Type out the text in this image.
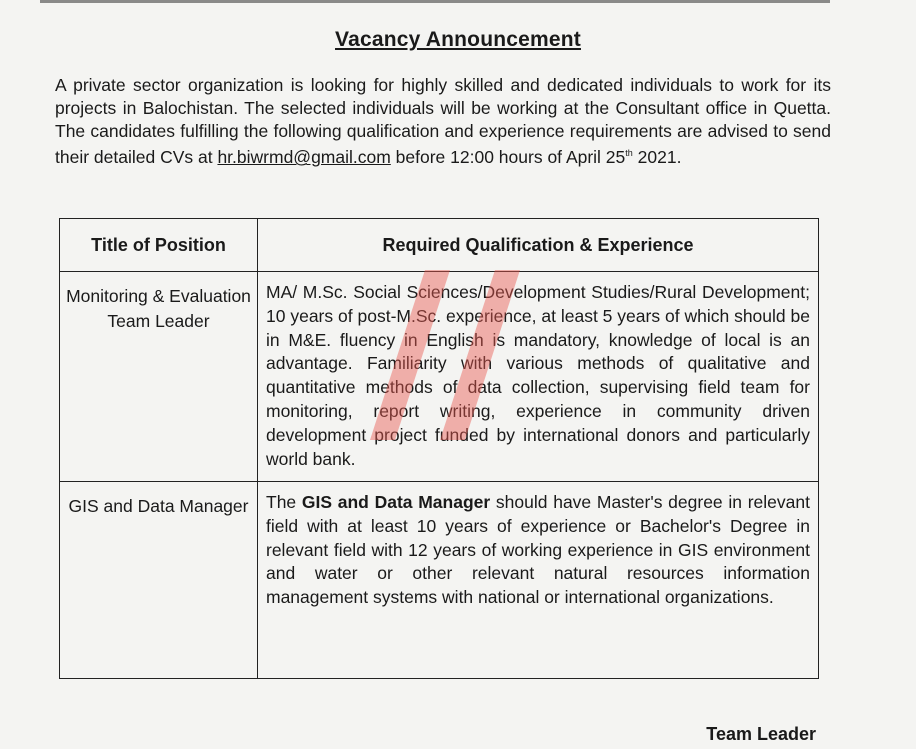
Vacancy Announcement
A private sector organization is looking for highly skilled and dedicated individuals to work for its projects in Balochistan. The selected individuals will be working at the Consultant office in Quetta. The candidates fulfilling the following qualification and experience requirements are advised to send their detailed CVs at hr.biwrmd@gmail.com before 12:00 hours of April 25th 2021.
Title of Position	Required Qualification & Experience
Monitoring & Evaluation Team Leader	MA/ M.Sc. Social Sciences/Development Studies/Rural Development; 10 years of post-M.Sc. experience, at least 5 years of which should be in M&E. fluency in English is mandatory, knowledge of local is an advantage. Familiarity with various methods of qualitative and quantitative methods of data collection, supervising field team for monitoring, report writing, experience in community driven development project funded by international donors and particularly world bank.
GIS and Data Manager	The GIS and Data Manager should have Master's degree in relevant field with at least 10 years of experience or Bachelor's Degree in relevant field with 12 years of working experience in GIS environment and water or other relevant natural resources information management systems with national or international organizations.
Team Leader
